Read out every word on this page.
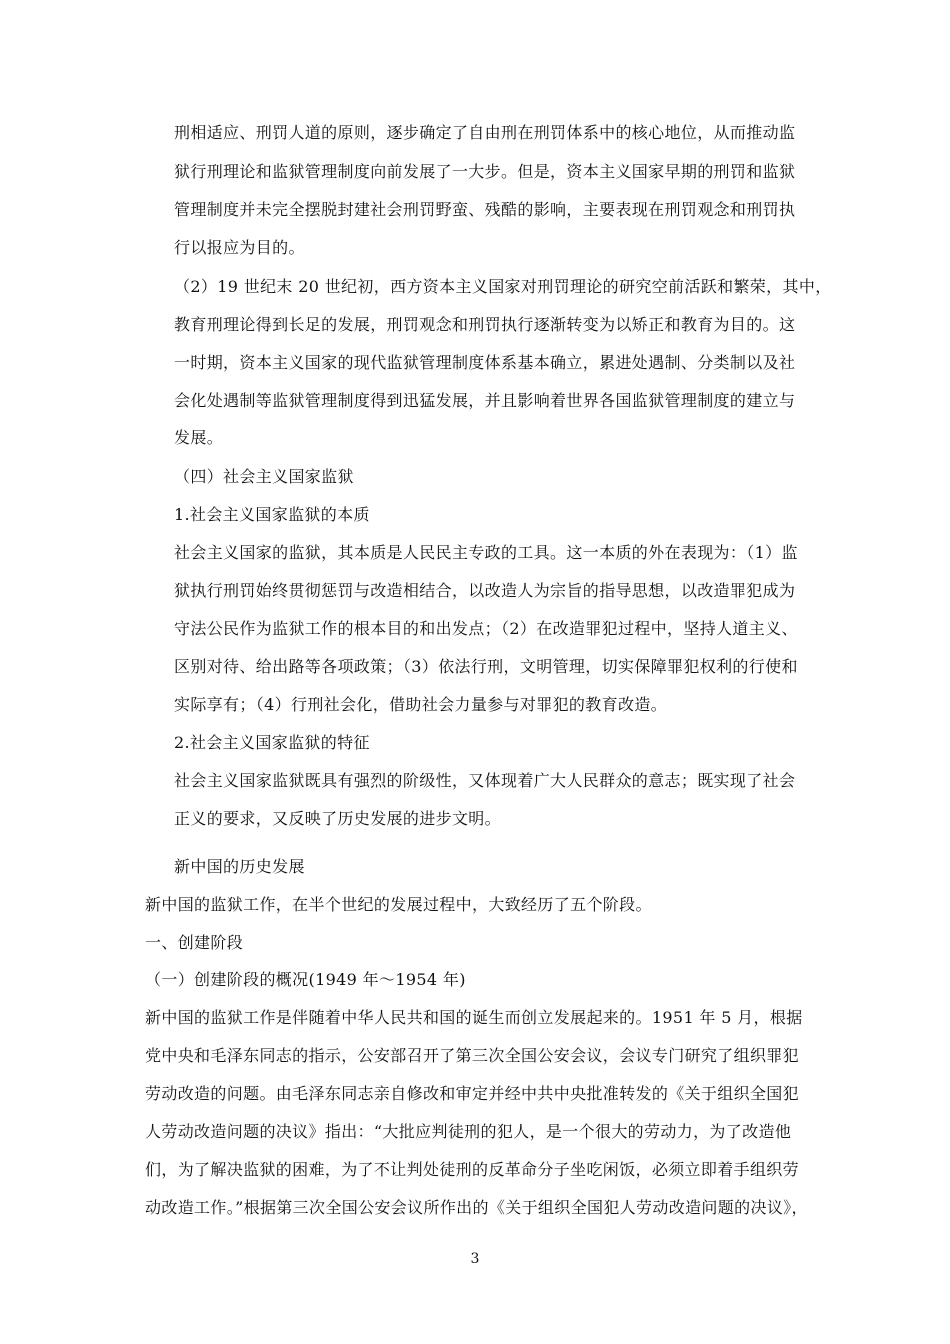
刑相适应、刑罚人道的原则，逐步确定了自由刑在刑罚体系中的核心地位，从而推动监
狱行刑理论和监狱管理制度向前发展了一大步。但是，资本主义国家早期的刑罚和监狱
管理制度并未完全摆脱封建社会刑罚野蛮、残酷的影响，主要表现在刑罚观念和刑罚执
行以报应为目的。
（2）19 世纪末 20 世纪初，西方资本主义国家对刑罚理论的研究空前活跃和繁荣，其中，
教育刑理论得到长足的发展，刑罚观念和刑罚执行逐渐转变为以矫正和教育为目的。这
一时期，资本主义国家的现代监狱管理制度体系基本确立，累进处遇制、分类制以及社
会化处遇制等监狱管理制度得到迅猛发展，并且影响着世界各国监狱管理制度的建立与
发展。
（四）社会主义国家监狱
1.社会主义国家监狱的本质
社会主义国家的监狱，其本质是人民民主专政的工具。这一本质的外在表现为：（1）监
狱执行刑罚始终贯彻惩罚与改造相结合，以改造人为宗旨的指导思想，以改造罪犯成为
守法公民作为监狱工作的根本目的和出发点；（2）在改造罪犯过程中，坚持人道主义、
区别对待、给出路等各项政策；（3）依法行刑，文明管理，切实保障罪犯权利的行使和
实际享有；（4）行刑社会化，借助社会力量参与对罪犯的教育改造。
2.社会主义国家监狱的特征
社会主义国家监狱既具有强烈的阶级性，又体现着广大人民群众的意志；既实现了社会
正义的要求，又反映了历史发展的进步文明。
新中国的历史发展
新中国的监狱工作，在半个世纪的发展过程中，大致经历了五个阶段。
一、创建阶段
（一）创建阶段的概况(1949 年～1954 年)
新中国的监狱工作是伴随着中华人民共和国的诞生而创立发展起来的。1951 年 5 月，根据
党中央和毛泽东同志的指示，公安部召开了第三次全国公安会议，会议专门研究了组织罪犯
劳动改造的问题。由毛泽东同志亲自修改和审定并经中共中央批准转发的《关于组织全国犯
人劳动改造问题的决议》指出：“大批应判徒刑的犯人，是一个很大的劳动力，为了改造他
们，为了解决监狱的困难，为了不让判处徒刑的反革命分子坐吃闲饭，必须立即着手组织劳
动改造工作。”根据第三次全国公安会议所作出的《关于组织全国犯人劳动改造问题的决议》，
3
